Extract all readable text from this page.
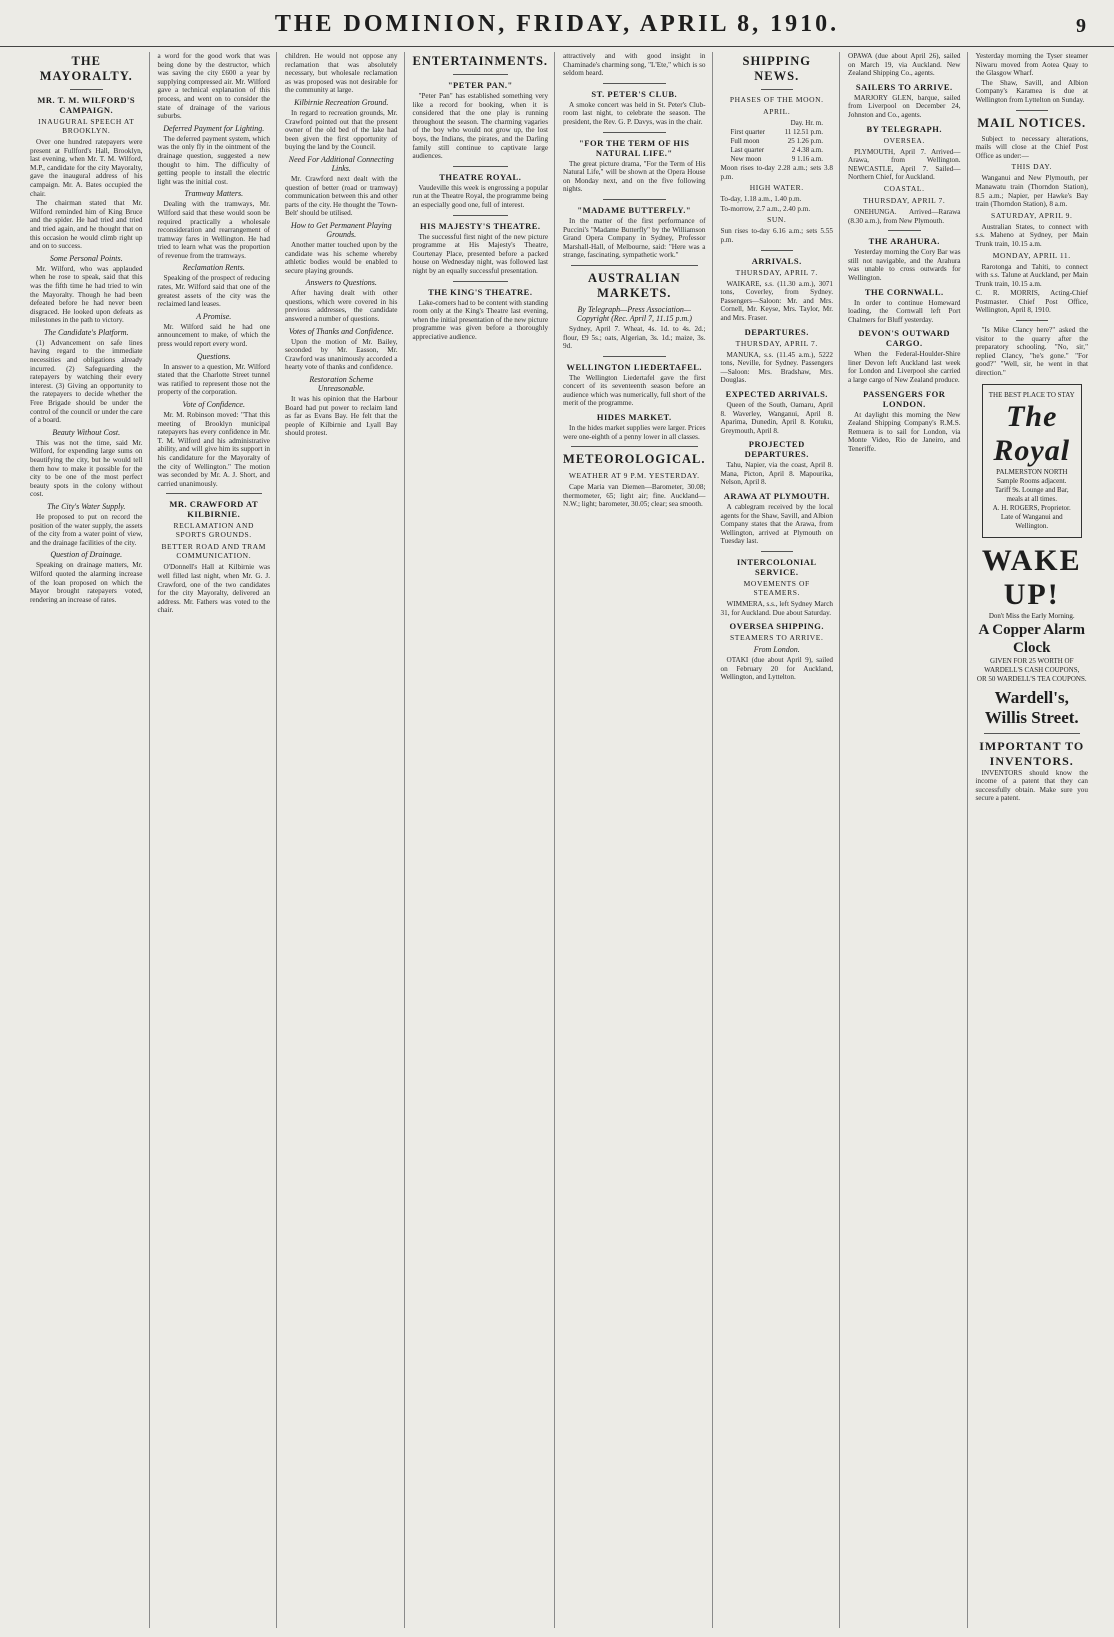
THE DOMINION, FRIDAY, APRIL 8, 1910.	9
THE MAYORALTY.
MR. T. M. WILFORD'S CAMPAIGN.
INAUGURAL SPEECH AT BROOKLYN.

Over one hundred ratepayers were present at Fullford's Hall, Brooklyn, last evening, when Mr. T. M. Wilford, M.P., candidate for the city Mayoralty, gave the inaugural address of his campaign. Mr. A. Bates occupied the chair.

The chairman stated that Mr. Wilford reminded him of King Bruce and the spider. He had tried and tried and tried again, and he thought that on this occasion he would climb right up and on to success.

Some Personal Points.

Mr. Wilford, who was applauded when he rose to speak, said that this was the fifth time he had tried to win the Mayoralty. Though he had been defeated before he had never been disgraced. He looked upon defeats as milestones in the path to victory.

The Candidate's Platform.

(1) Advancement on safe lines having regard to the immediate necessities and obligations already incurred. (2) Safeguarding the ratepayers by watching their every interest. (3) Giving an opportunity to the ratepayers to decide whether the Free Brigade should be under the control of the council or under the care of a board.

Beauty Without Cost.

This was not the time, said Mr. Wilford, for expending large sums on beautifying the city, but he would tell them how to make it possible for the city to be one of the most perfect beauty spots in the colony without cost.

The City's Water Supply.

He proposed to put on record the position of the water supply, the assets of the city from a water point of view, and the drainage facilities of the city.

Question of Drainage.

Speaking on drainage matters, Mr. Wilford quoted the alarming increase of the loan proposed on which the Mayor brought ratepayers voted, rendering an increase of rates.

a word for the good work that was being done by the destructor, which was saving the city £600 a year by supplying compressed air. Mr. Wilford gave a technical explanation of this process, and went on to consider the state of drainage of the various suburbs.

Deferred Payment for Lighting.

The deferred payment system, which was the only fly in the ointment of the drainage question, suggested a new thought to him. The difficulty of getting people to install the electric light was the initial cost.

Tramway Matters.

Dealing with the tramways, Mr. Wilford said that these would soon be required practically a wholesale reconsideration and rearrangement of tramway fares in Wellington. He had tried to learn what was the proportion of revenue from the tramways.

Reclamation Rents.

Speaking of the prospect of reducing rates, Mr. Wilford said that one of the greatest assets of the city was the reclaimed land leases.

A Promise.

Mr. Wilford said he had one announcement to make, of which the press would report every word.

Questions.

In answer to a question, Mr. Wilford stated that the Charlotte Street tunnel was ratified to represent those not the property of the corporation.

Vote of Confidence.

Mr. M. Robinson moved: "That this meeting of Brooklyn municipal ratepayers has every confidence in Mr. T. M. Wilford and his administrative ability, and will give him its support in his candidature for the Mayoralty of the city of Wellington." The motion was seconded by Mr. A. J. Short, and carried unanimously.

MR. CRAWFORD AT KILBIRNIE.
RECLAMATION AND SPORTS GROUNDS.
BETTER ROAD AND TRAM COMMUNICATION.

O'Donnell's Hall at Kilbirnie was well filled last night, when Mr. G. J. Crawford, one of the two candidates for the city Mayoralty, delivered an address. Mr. Fathers was voted to the chair.

children. He would not oppose any reclamation that was absolutely necessary, but wholesale reclamation as was proposed was not desirable for the community at large.

Kilbirnie Recreation Ground.

In regard to recreation grounds, Mr. Crawford pointed out that the present owner of the old bed of the lake had been given the first opportunity of buying the land by the Council.

Need For Additional Connecting Links.

Mr. Crawford next dealt with the question of better (road or tramway) communication between this and other parts of the city. He thought the 'Town-Belt' should be utilised.

How to Get Permanent Playing Grounds.

Another matter touched upon by the candidate was his scheme whereby athletic bodies would be enabled to secure playing grounds.

Answers to Questions.

After having dealt with other questions, which were covered in his previous addresses, the candidate answered a number of questions.

Votes of Thanks and Confidence.

Upon the motion of Mr. Bailey, seconded by Mr. Easson, Mr. Crawford was unanimously accorded a hearty vote of thanks and confidence.

Restoration Scheme Unreasonable.

It was his opinion that the Harbour Board had put power to reclaim land as far as Evans Bay. He felt that the people of Kilbirnie and Lyall Bay should protest.

ENTERTAINMENTS.
"PETER PAN."

"Peter Pan" has established something very like a record for booking, when it is considered that the one play is running throughout the season. The charming vagaries of the boy who would not grow up, the lost boys, the Indians, the pirates, and the Darling family still continue to captivate large audiences.

THEATRE ROYAL.

Vaudeville this week is engrossing a popular run at the Theatre Royal, the programme being an especially good one, full of interest.

HIS MAJESTY'S THEATRE.

The successful first night of the new picture programme at His Majesty's Theatre, Courtenay Place, presented before a packed house on Wednesday night, was followed last night by an equally successful presentation.

THE KING'S THEATRE.

Lake-comers had to be content with standing room only at the King's Theatre last evening, when the initial presentation of the new picture programme was given before a thoroughly appreciative audience.

attractively and with good insight in Chaminade's charming song, "L'Ete," which is so seldom heard.

ST. PETER'S CLUB.

A smoke concert was held in St. Peter's Club-room last night, to celebrate the season. The president, the Rev. G. P. Davys, was in the chair.

"FOR THE TERM OF HIS NATURAL LIFE."

The great picture drama, "For the Term of His Natural Life," will be shown at the Opera House on Monday next, and on the five following nights.

"MADAME BUTTERFLY."

In the matter of the first performance of Puccini's "Madame Butterfly" by the Williamson Grand Opera Company in Sydney, Professor Marshall-Hall, of Melbourne, said: "Here was a strange, fascinating, sympathetic work."

AUSTRALIAN MARKETS.
By Telegraph—Press Association—Copyright (Rec. April 7, 11.15 p.m.)

Sydney, April 7. Wheat, 4s. 1d. to 4s. 2d.; flour, £9 5s.; oats, Algerian, 3s. 1d.; maize, 3s. 9d.

WELLINGTON LIEDERTAFEL.

The Wellington Liedertafel gave the first concert of its seventeenth season before an audience which was numerically, full short of the merit of the programme.

HIDES MARKET.

In the hides market supplies were larger. Prices were one-eighth of a penny lower in all classes.

METEOROLOGICAL.
WEATHER AT 9 P.M. YESTERDAY.

Cape Maria van Diemen—Barometer, 30.08; thermometer, 65; light air; fine. Auckland—N.W.; light; barometer, 30.05; clear; sea smooth.

SHIPPING NEWS.
PHASES OF THE MOON.
APRIL.
Day. Hr. m.
First quarter	11 12.51 p.m.
Full moon	25 1.26 p.m.
Last quarter	2 4.38 a.m.
New moon	9 1.16 a.m.

Moon rises to-day 2.28 a.m.; sets 3.8 p.m.

HIGH WATER.

To-day, 1.18 a.m., 1.40 p.m.

To-morrow, 2.7 a.m., 2.40 p.m.

SUN.

Sun rises to-day 6.16 a.m.; sets 5.55 p.m.

ARRIVALS.
THURSDAY, APRIL 7.

WAIKARE, s.s. (11.30 a.m.), 3071 tons, Coverley, from Sydney. Passengers—Saloon: Mr. and Mrs. Cornell, Mr. Keyse, Mrs. Taylor, Mr. and Mrs. Fraser.

DEPARTURES.
THURSDAY, APRIL 7.

MANUKA, s.s. (11.45 a.m.), 5222 tons, Neville, for Sydney. Passengers—Saloon: Mrs. Bradshaw, Mrs. Douglas.

EXPECTED ARRIVALS.

Queen of the South, Oamaru, April 8. Waverley, Wanganui, April 8. Aparima, Dunedin, April 8. Kotuku, Greymouth, April 8.

PROJECTED DEPARTURES.

Tahu, Napier, via the coast, April 8. Mana, Picton, April 8. Mapourika, Nelson, April 8.

ARAWA AT PLYMOUTH.

A cablegram received by the local agents for the Shaw, Savill, and Albion Company states that the Arawa, from Wellington, arrived at Plymouth on Tuesday last.

INTERCOLONIAL SERVICE.
MOVEMENTS OF STEAMERS.

WIMMERA, s.s., left Sydney March 31, for Auckland. Due about Saturday.

OVERSEA SHIPPING.
STEAMERS TO ARRIVE.
From London.

OTAKI (due about April 9), sailed on February 20 for Auckland, Wellington, and Lyttelton.

OPAWA (due about April 26), sailed on March 19, via Auckland. New Zealand Shipping Co., agents.

SAILERS TO ARRIVE.

MARJORY GLEN, barque, sailed from Liverpool on December 24, Johnston and Co., agents.

BY TELEGRAPH.
OVERSEA.

PLYMOUTH, April 7. Arrived—Arawa, from Wellington. NEWCASTLE, April 7. Sailed—Northern Chief, for Auckland.

COASTAL.
THURSDAY, APRIL 7.

ONEHUNGA. Arrived—Rarawa (8.30 a.m.), from New Plymouth.

THE ARAHURA.

Yesterday morning the Cory Bar was still not navigable, and the Arahura was unable to cross outwards for Wellington.

THE CORNWALL.

In order to continue Homeward loading, the Cornwall left Port Chalmers for Bluff yesterday.

DEVON'S OUTWARD CARGO.

When the Federal-Houlder-Shire liner Devon left Auckland last week for London and Liverpool she carried a large cargo of New Zealand produce.

PASSENGERS FOR LONDON.

At daylight this morning the New Zealand Shipping Company's R.M.S. Remuera is to sail for London, via Monte Video, Rio de Janeiro, and Teneriffe.

Yesterday morning the Tyser steamer Niwaru moved from Aotea Quay to the Glasgow Wharf.

The Shaw, Savill, and Albion Company's Karamea is due at Wellington from Lyttelton on Sunday.

MAIL NOTICES.

Subject to necessary alterations, mails will close at the Chief Post Office as under:—

THIS DAY.

Wanganui and New Plymouth, per Manawatu train (Thorndon Station), 8.5 a.m.; Napier, per Hawke's Bay train (Thorndon Station), 8 a.m.

SATURDAY, APRIL 9.

Australian States, to connect with s.s. Maheno at Sydney, per Main Trunk train, 10.15 a.m.

MONDAY, APRIL 11.

Rarotonga and Tahiti, to connect with s.s. Talune at Auckland, per Main Trunk train, 10.15 a.m.

C. R. MORRIS, Acting-Chief Postmaster. Chief Post Office, Wellington, April 8, 1910.

"Is Mike Clancy here?" asked the visitor to the quarry after the preparatory schooling. "No, sir," replied Clancy, "he's gone." "For good?" "Well, sir, he went in that direction."

THE BEST PLACE TO STAY
The Royal
PALMERSTON NORTH
Sample Rooms adjacent.
Tariff 9s. Lounge and Bar, meals at all times.
A. H. ROGERS, Proprietor. Late of Wanganui and Wellington.
WAKE UP!
Don't Miss the Early Morning.
A Copper Alarm Clock
GIVEN FOR 25 WORTH OF WARDELL'S CASH COUPONS,
OR 50 WARDELL'S TEA COUPONS.
Wardell's, Willis Street.
IMPORTANT TO INVENTORS.

INVENTORS should know the income of a patent that they can successfully obtain. Make sure you secure a patent.
